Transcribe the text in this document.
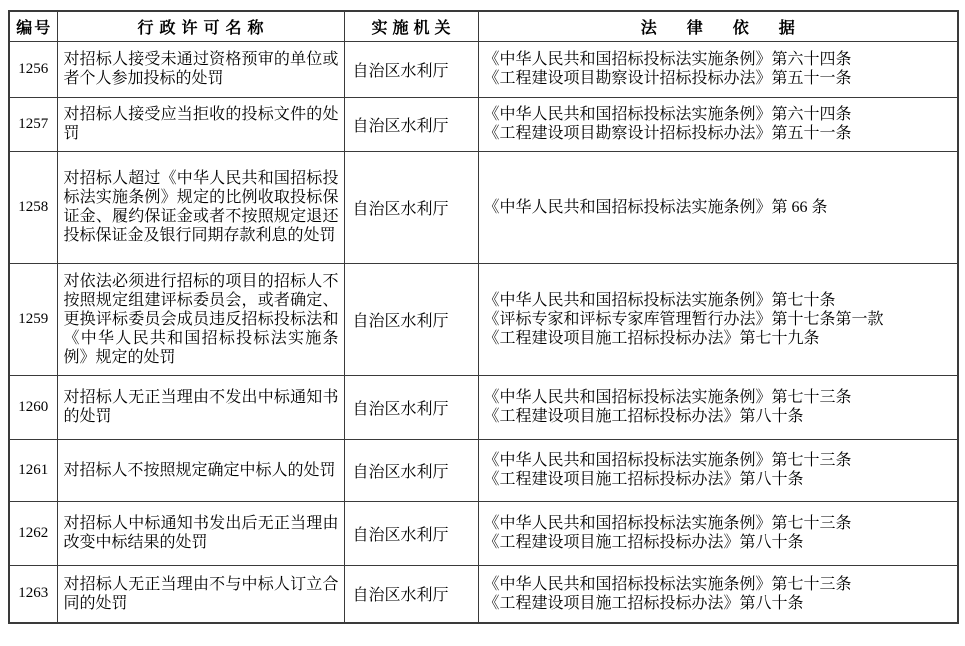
编号	行政许可名称	实施机关	法律依据
1256	对招标人接受未通过资格预审的单位或者个人参加投标的处罚	自治区水利厅	《中华人民共和国招标投标法实施条例》第六十四条
《工程建设项目勘察设计招标投标办法》第五十一条

1257	对招标人接受应当拒收的投标文件的处罚	自治区水利厅	《中华人民共和国招标投标法实施条例》第六十四条
《工程建设项目勘察设计招标投标办法》第五十一条

1258	对招标人超过《中华人民共和国招标投标法实施条例》规定的比例收取投标保证金、履约保证金或者不按照规定退还投标保证金及银行同期存款利息的处罚	自治区水利厅	《中华人民共和国招标投标法实施条例》第 66 条

1259	对依法必须进行招标的项目的招标人不按照规定组建评标委员会，或者确定、更换评标委员会成员违反招标投标法和《中华人民共和国招标投标法实施条例》规定的处罚	自治区水利厅	《中华人民共和国招标投标法实施条例》第七十条
《评标专家和评标专家库管理暂行办法》第十七条第一款
《工程建设项目施工招标投标办法》第七十九条

1260	对招标人无正当理由不发出中标通知书的处罚	自治区水利厅	《中华人民共和国招标投标法实施条例》第七十三条
《工程建设项目施工招标投标办法》第八十条

1261	对招标人不按照规定确定中标人的处罚	自治区水利厅	《中华人民共和国招标投标法实施条例》第七十三条
《工程建设项目施工招标投标办法》第八十条

1262	对招标人中标通知书发出后无正当理由改变中标结果的处罚	自治区水利厅	《中华人民共和国招标投标法实施条例》第七十三条
《工程建设项目施工招标投标办法》第八十条

1263	对招标人无正当理由不与中标人订立合同的处罚	自治区水利厅	《中华人民共和国招标投标法实施条例》第七十三条
《工程建设项目施工招标投标办法》第八十条
